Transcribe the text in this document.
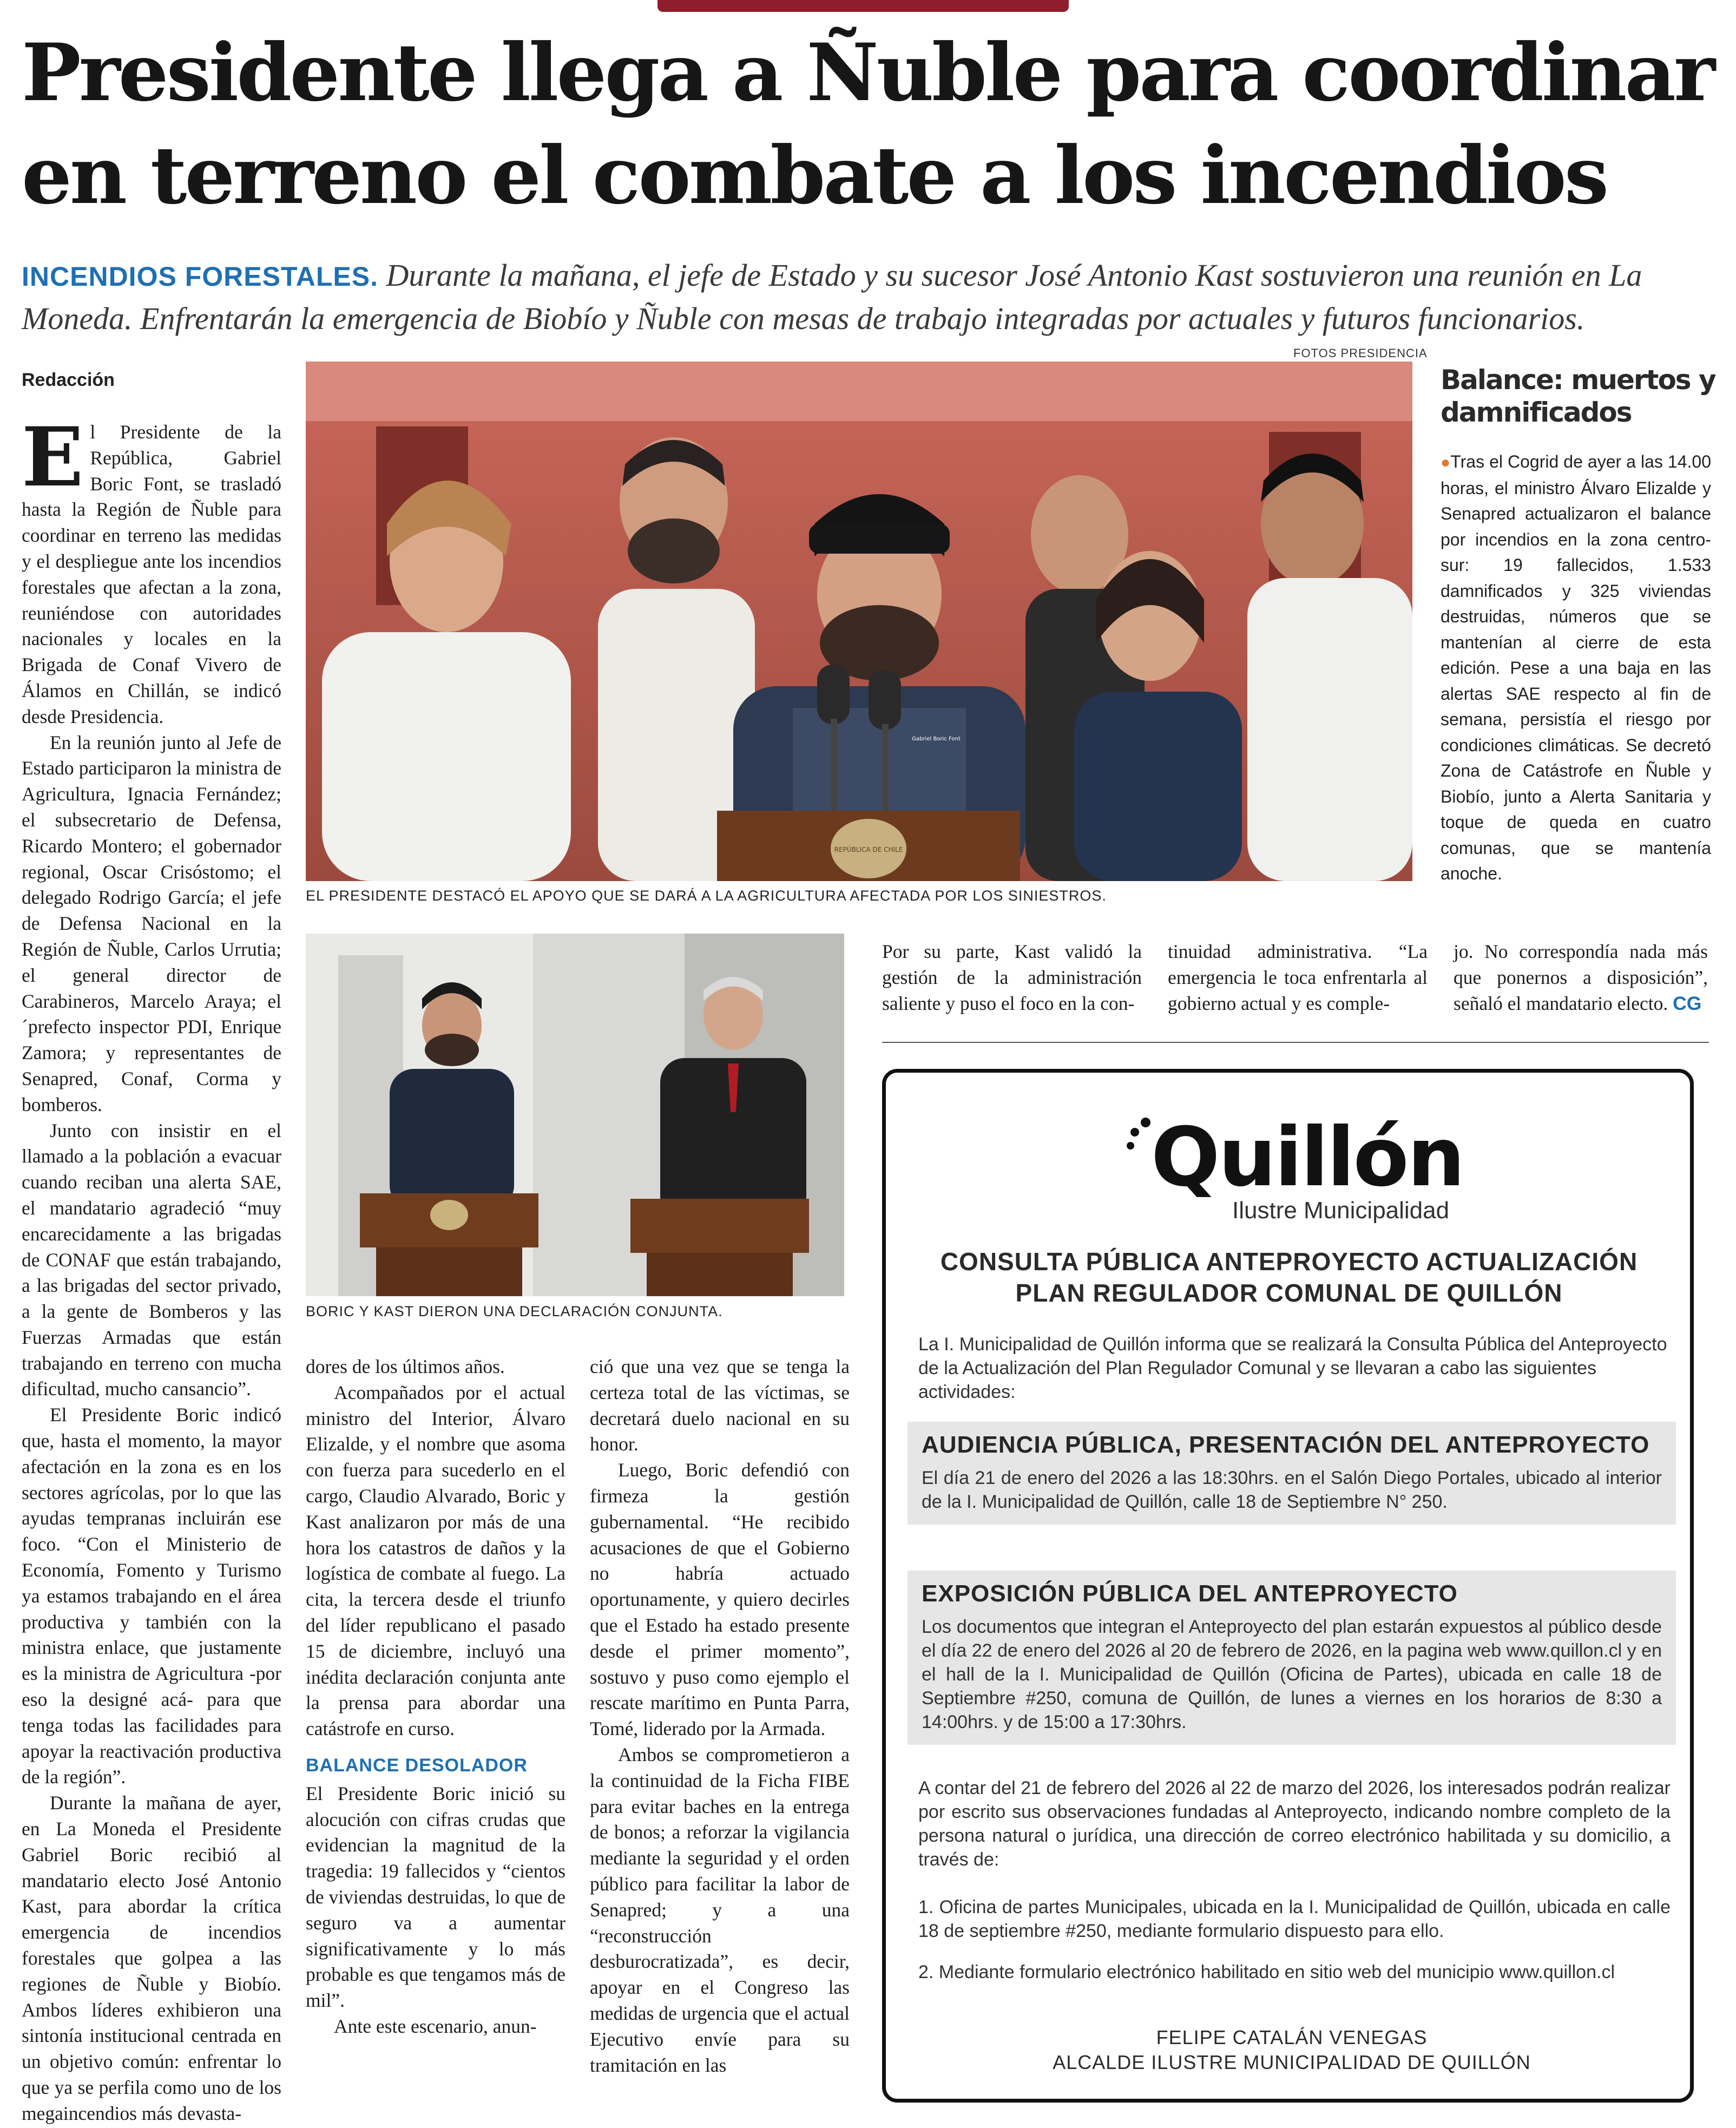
Presidente llega a Ñuble para coordinar
en terreno el combate a los incendios
INCENDIOS FORESTALES. Durante la mañana, el jefe de Estado y su sucesor José Antonio Kast sostuvieron una reunión en La Moneda. Enfrentarán la emergencia de Biobío y Ñuble con mesas de trabajo integradas por actuales y futuros funcionarios.
Redacción
FOTOS PRESIDENCIA

El Presidente de la República, Gabriel Boric Font, se trasladó hasta la Región de Ñuble para coordinar en terreno las medidas y el despliegue ante los incendios forestales que afectan a la zona, reuniéndose con autoridades nacionales y locales en la Brigada de Conaf Vivero de Álamos en Chillán, se indicó desde Presidencia.

En la reunión junto al Jefe de Estado participaron la ministra de Agricultura, Ignacia Fernández; el subsecretario de Defensa, Ricardo Montero; el gobernador regional, Oscar Crisóstomo; el delegado Rodrigo García; el jefe de Defensa Nacional en la Región de Ñuble, Carlos Urrutia; el general director de Carabineros, Marcelo Araya; el ´prefecto inspector PDI, Enrique Zamora; y representantes de Senapred, Conaf, Corma y bomberos.

Junto con insistir en el llamado a la población a evacuar cuando reciban una alerta SAE, el mandatario agradeció “muy encarecidamente a las brigadas de CONAF que están trabajando, a las brigadas del sector privado, a la gente de Bomberos y las Fuerzas Armadas que están trabajando en terreno con mucha dificultad, mucho cansancio”.

El Presidente Boric indicó que, hasta el momento, la mayor afectación en la zona es en los sectores agrícolas, por lo que las ayudas tempranas incluirán ese foco. “Con el Ministerio de Economía, Fomento y Turismo ya estamos trabajando en el área productiva y también con la ministra enlace, que justamente es la ministra de Agricultura -por eso la designé acá- para que tenga todas las facilidades para apoyar la reactivación productiva de la región”.

Durante la mañana de ayer, en La Moneda el Presidente Gabriel Boric recibió al mandatario electo José Antonio Kast, para abordar la crítica emergencia de incendios forestales que golpea a las regiones de Ñuble y Biobío. Ambos líderes exhibieron una sintonía institucional centrada en un objetivo común: enfrentar lo que ya se perfila como uno de los megaincendios más devasta-

REPÚBLICA DE CHILE
Gabriel Boric Font
EL PRESIDENTE DESTACÓ EL APOYO QUE SE DARÁ A LA AGRICULTURA AFECTADA POR LOS SINIESTROS.
Balance: muertos y damnificados
●Tras el Cogrid de ayer a las 14.00 horas, el ministro Álvaro Elizalde y Senapred actualizaron el balance por incendios en la zona centro-sur: 19 fallecidos, 1.533 damnificados y 325 viviendas destruidas, números que se mantenían al cierre de esta edición. Pese a una baja en las alertas SAE respecto al fin de semana, persistía el riesgo por condiciones climáticas. Se decretó Zona de Catástrofe en Ñuble y Biobío, junto a Alerta Sanitaria y toque de queda en cuatro comunas, que se mantenía anoche.
BORIC Y KAST DIERON UNA DECLARACIÓN CONJUNTA.

Por su parte, Kast validó la gestión de la administración saliente y puso el foco en la con-

tinuidad administrativa. “La emergencia le toca enfrentarla al gobierno actual y es comple-

jo. No correspondía nada más que ponernos a disposición”, señaló el mandatario electo. CG

dores de los últimos años.

Acompañados por el actual ministro del Interior, Álvaro Elizalde, y el nombre que asoma con fuerza para sucederlo en el cargo, Claudio Alvarado, Boric y Kast analizaron por más de una hora los catastros de daños y la logística de combate al fuego. La cita, la tercera desde el triunfo del líder republicano el pasado 15 de diciembre, incluyó una inédita declaración conjunta ante la prensa para abordar una catástrofe en curso.

BALANCE DESOLADOR

El Presidente Boric inició su alocución con cifras crudas que evidencian la magnitud de la tragedia: 19 fallecidos y “cientos de viviendas destruidas, lo que de seguro va a aumentar significativamente y lo más probable es que tengamos más de mil”.

Ante este escenario, anun-

ció que una vez que se tenga la certeza total de las víctimas, se decretará duelo nacional en su honor.

Luego, Boric defendió con firmeza la gestión gubernamental. “He recibido acusaciones de que el Gobierno no habría actuado oportunamente, y quiero decirles que el Estado ha estado presente desde el primer momento”, sostuvo y puso como ejemplo el rescate marítimo en Punta Parra, Tomé, liderado por la Armada.

Ambos se comprometieron a la continuidad de la Ficha FIBE para evitar baches en la entrega de bonos; a reforzar la vigilancia mediante la seguridad y el orden público para facilitar la labor de Senapred; y a una “reconstrucción desburocratizada”, es decir, apoyar en el Congreso las medidas de urgencia que el actual Ejecutivo envíe para su tramitación en las

Quillón
Ilustre Municipalidad
CONSULTA PÚBLICA ANTEPROYECTO ACTUALIZACIÓN
PLAN REGULADOR COMUNAL DE QUILLÓN
La I. Municipalidad de Quillón informa que se realizará la Consulta Pública del Anteproyecto de la Actualización del Plan Regulador Comunal y se llevaran a cabo las siguientes actividades:
AUDIENCIA PÚBLICA, PRESENTACIÓN DEL ANTEPROYECTO
El día 21 de enero del 2026 a las 18:30hrs. en el Salón Diego Portales, ubicado al interior de la I. Municipalidad de Quillón, calle 18 de Septiembre N° 250.
EXPOSICIÓN PÚBLICA DEL ANTEPROYECTO
Los documentos que integran el Anteproyecto del plan estarán expuestos al público desde el día 22 de enero del 2026 al 20 de febrero de 2026, en la pagina web www.quillon.cl y en el hall de la I. Municipalidad de Quillón (Oficina de Partes), ubicada en calle 18 de Septiembre #250, comuna de Quillón, de lunes a viernes en los horarios de 8:30 a 14:00hrs. y de 15:00 a 17:30hrs.
A contar del 21 de febrero del 2026 al 22 de marzo del 2026, los interesados podrán realizar por escrito sus observaciones fundadas al Anteproyecto, indicando nombre completo de la persona natural o jurídica, una dirección de correo electrónico habilitada y su domicilio, a través de:
1. Oficina de partes Municipales, ubicada en la I. Municipalidad de Quillón, ubicada en calle 18 de septiembre #250, mediante formulario dispuesto para ello.
2. Mediante formulario electrónico habilitado en sitio web del municipio www.quillon.cl
FELIPE CATALÁN VENEGAS
ALCALDE ILUSTRE MUNICIPALIDAD DE QUILLÓN
